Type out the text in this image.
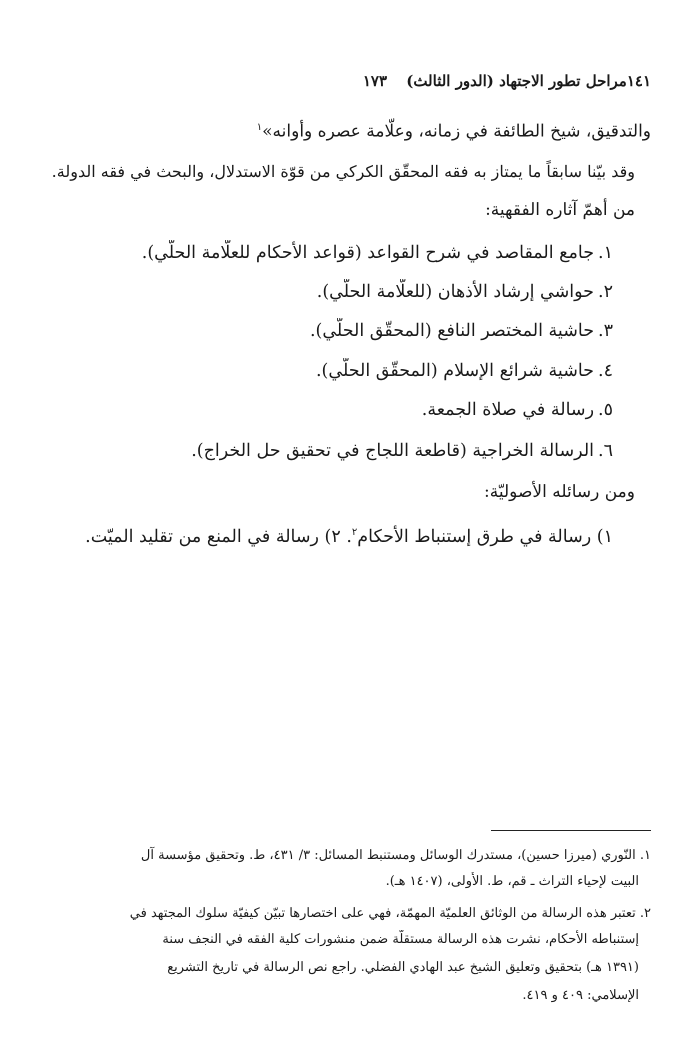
١٤١مراحل تطور الاجتهاد (الدور الثالث) ١٧٣
والتدقيق، شيخ الطائفة في زمانه، وعلّامة عصره وأوانه»$^١$
وقد بيّنا سابقاً ما يمتاز به فقه المحقّق الكركي من قوّة الاستدلال، والبحث في فقه الدولة.
من أهمّ آثاره الفقهية:
١.جامع المقاصد في شرح القواعد (قواعد الأحكام للعلّامة الحلّي).
٢.حواشي إرشاد الأذهان (للعلّامة الحلّي).
٣.حاشية المختصر النافع (المحقّق الحلّي).
٤.حاشية شرائع الإسلام (المحقّق الحلّي).
٥.رسالة في صلاة الجمعة.
٦.الرسالة الخراجية (قاطعة اللجاج في تحقيق حل الخراج).
ومن رسائله الأُصوليّة:
١) رسالة في طرق إستنباط الأحكام$^٢$. ٢) رسالة في المنع من تقليد الميّت.
١. النّوري (ميرزا حسين)، مستدرك الوسائل ومستنبط المسائل: ٣/ ٤٣١، ط. وتحقيق مؤسسة آل
البيت لإحياء التراث ـ قم، ط. الأُولى، (١٤٠٧ هـ).
٢. تعتبر هذه الرسالة من الوثائق العلميّة المهمّة، فهي على اختصارها تبيّن كيفيّة سلوك المجتهد في
إستنباطه الأحكام، نشرت هذه الرسالة مستقلّة ضمن منشورات كلية الفقه في النجف سنة
(١٣٩١ هـ) بتحقيق وتعليق الشيخ عبد الهادي الفضلي. راجع نص الرسالة في تاريخ التشريع
الإسلامي: ٤٠٩ و ٤١٩.
